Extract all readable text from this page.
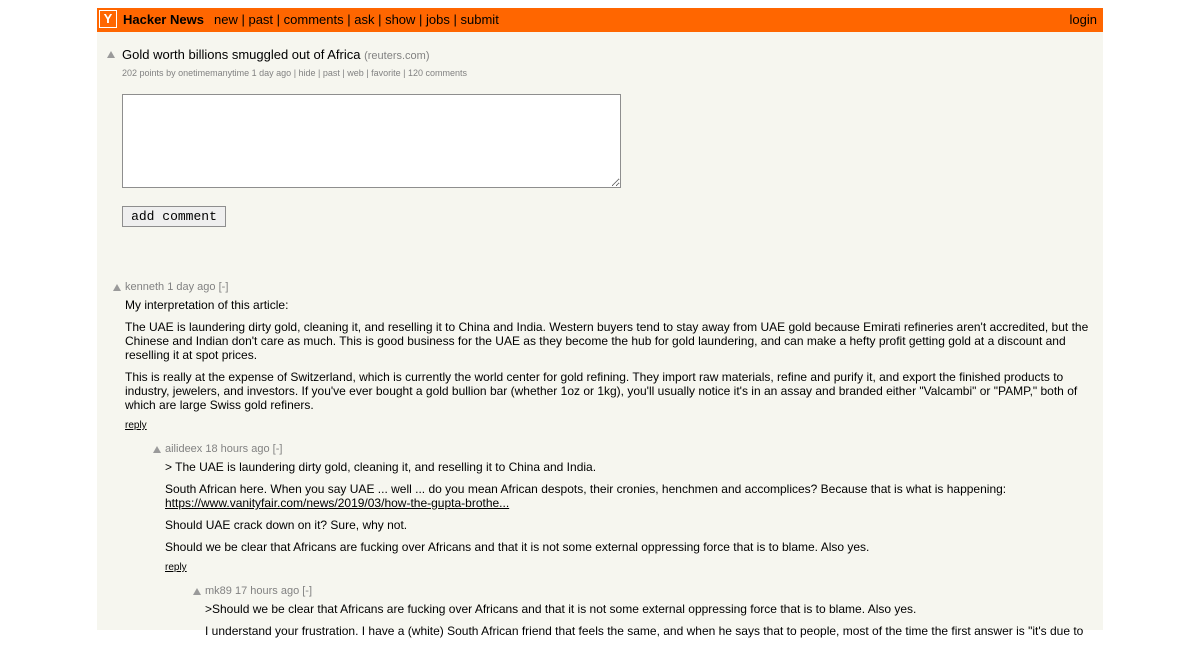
Y Hacker News new | past | comments | ask | show | jobs | submit	login
Gold worth billions smuggled out of Africa (reuters.com)
202 points by onetimemanytime 1 day ago | hide | past | web | favorite | 120 comments
add comment
kenneth 1 day ago [-]

My interpretation of this article:

The UAE is laundering dirty gold, cleaning it, and reselling it to China and India. Western buyers tend to stay away from UAE gold because Emirati refineries aren't accredited, but the Chinese and Indian don't care as much. This is good business for the UAE as they become the hub for gold laundering, and can make a hefty profit getting gold at a discount and reselling it at spot prices.

This is really at the expense of Switzerland, which is currently the world center for gold refining. They import raw materials, refine and purify it, and export the finished products to industry, jewelers, and investors. If you've ever bought a gold bullion bar (whether 1oz or 1kg), you'll usually notice it's in an assay and branded either "Valcambi" or "PAMP," both of which are large Swiss gold refiners.

reply
ailideex 18 hours ago [-]

> The UAE is laundering dirty gold, cleaning it, and reselling it to China and India.

South African here. When you say UAE ... well ... do you mean African despots, their cronies, henchmen and accomplices? Because that is what is happening:
https://www.vanityfair.com/news/2019/03/how-the-gupta-brothe...

Should UAE crack down on it? Sure, why not.

Should we be clear that Africans are fucking over Africans and that it is not some external oppressing force that is to blame. Also yes.

reply
mk89 17 hours ago [-]

>Should we be clear that Africans are fucking over Africans and that it is not some external oppressing force that is to blame. Also yes.

I understand your frustration. I have a (white) South African friend that feels the same, and when he says that to people, most of the time the first answer is "it's due to
